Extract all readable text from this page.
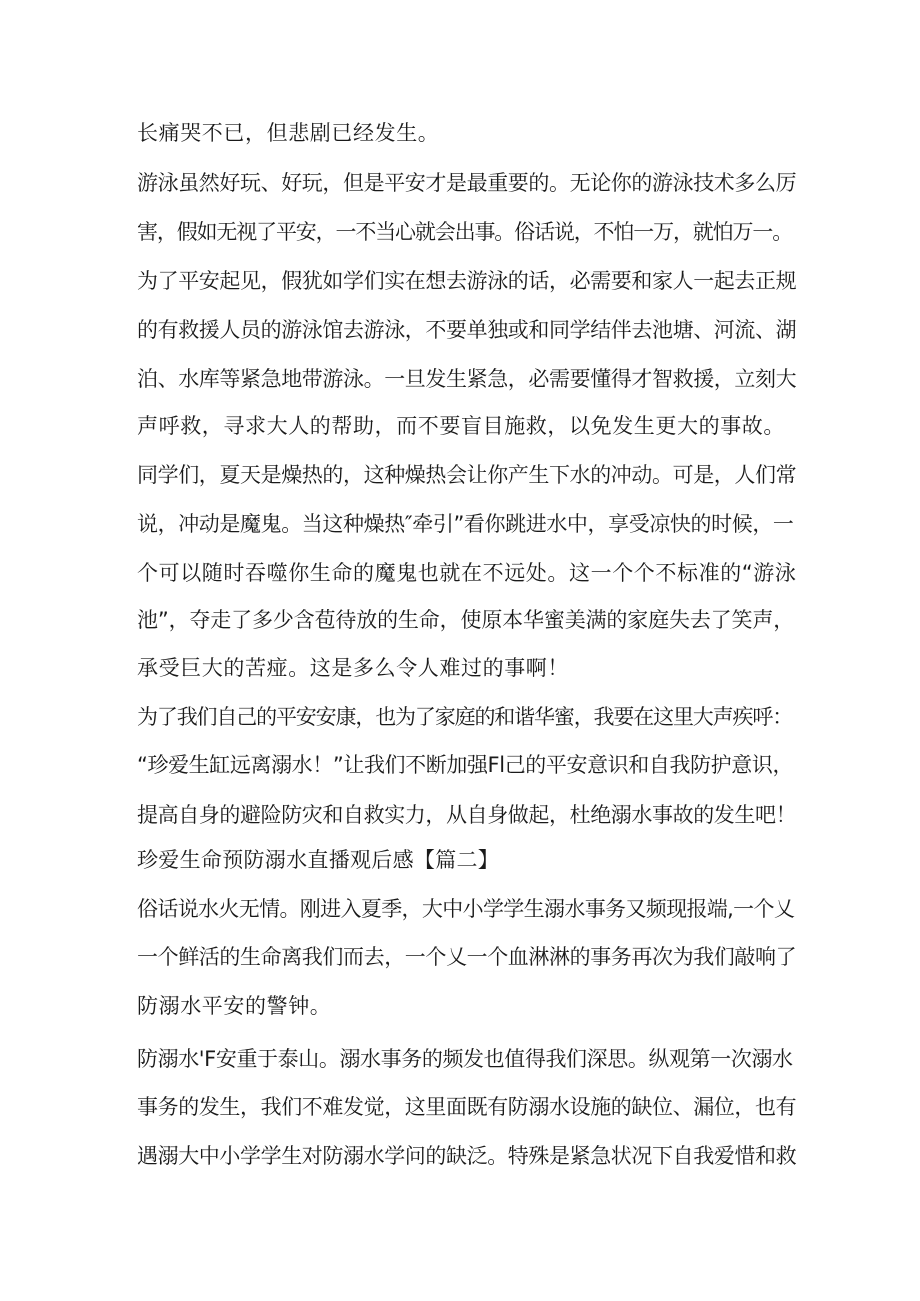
长痛哭不已，但悲剧已经发生。
游泳虽然好玩、好玩，但是平安才是最重要的。无论你的游泳技术多么厉
害，假如无视了平安，一不当心就会出事。俗话说，不怕一万，就怕万一。
为了平安起见，假犹如学们实在想去游泳的话，必需要和家人一起去正规
的有救援人员的游泳馆去游泳，不要单独或和同学结伴去池塘、河流、湖
泊、水库等紧急地带游泳。一旦发生紧急，必需要懂得才智救援，立刻大
声呼救，寻求大人的帮助，而不要盲目施救，以免发生更大的事故。
同学们，夏天是燥热的，这种燥热会让你产生下水的冲动。可是，人们常
说，冲动是魔鬼。当这种燥热″牵引”看你跳进水中，享受凉快的时候，一
个可以随时吞噬你生命的魔鬼也就在不远处。这一个个不标准的“游泳
池”，夺走了多少含苞待放的生命，使原本华蜜美满的家庭失去了笑声，
承受巨大的苦痖。这是多么令人难过的事啊！
为了我们自己的平安安康，也为了家庭的和谐华蜜，我要在这里大声疾呼：
“珍爱生缸远离溺水！”让我们不断加强Fl己的平安意识和自我防护意识，
提高自身的避险防灾和自救实力，从自身做起，杜绝溺水事故的发生吧！
珍爱生命预防溺水直播观后感【篇二】
俗话说水火无情。刚进入夏季，大中小学学生溺水事务又频现报端,一个乂
一个鲜活的生命离我们而去，一个乂一个血淋淋的事务再次为我们敲响了
防溺水平安的警钟。
防溺水'F安重于泰山。溺水事务的频发也值得我们深思。纵观第一次溺水
事务的发生，我们不难发觉，这里面既有防溺水设施的缺位、漏位，也有
遇溺大中小学学生对防溺水学问的缺泛。特殊是紧急状况下自我爱惜和救
